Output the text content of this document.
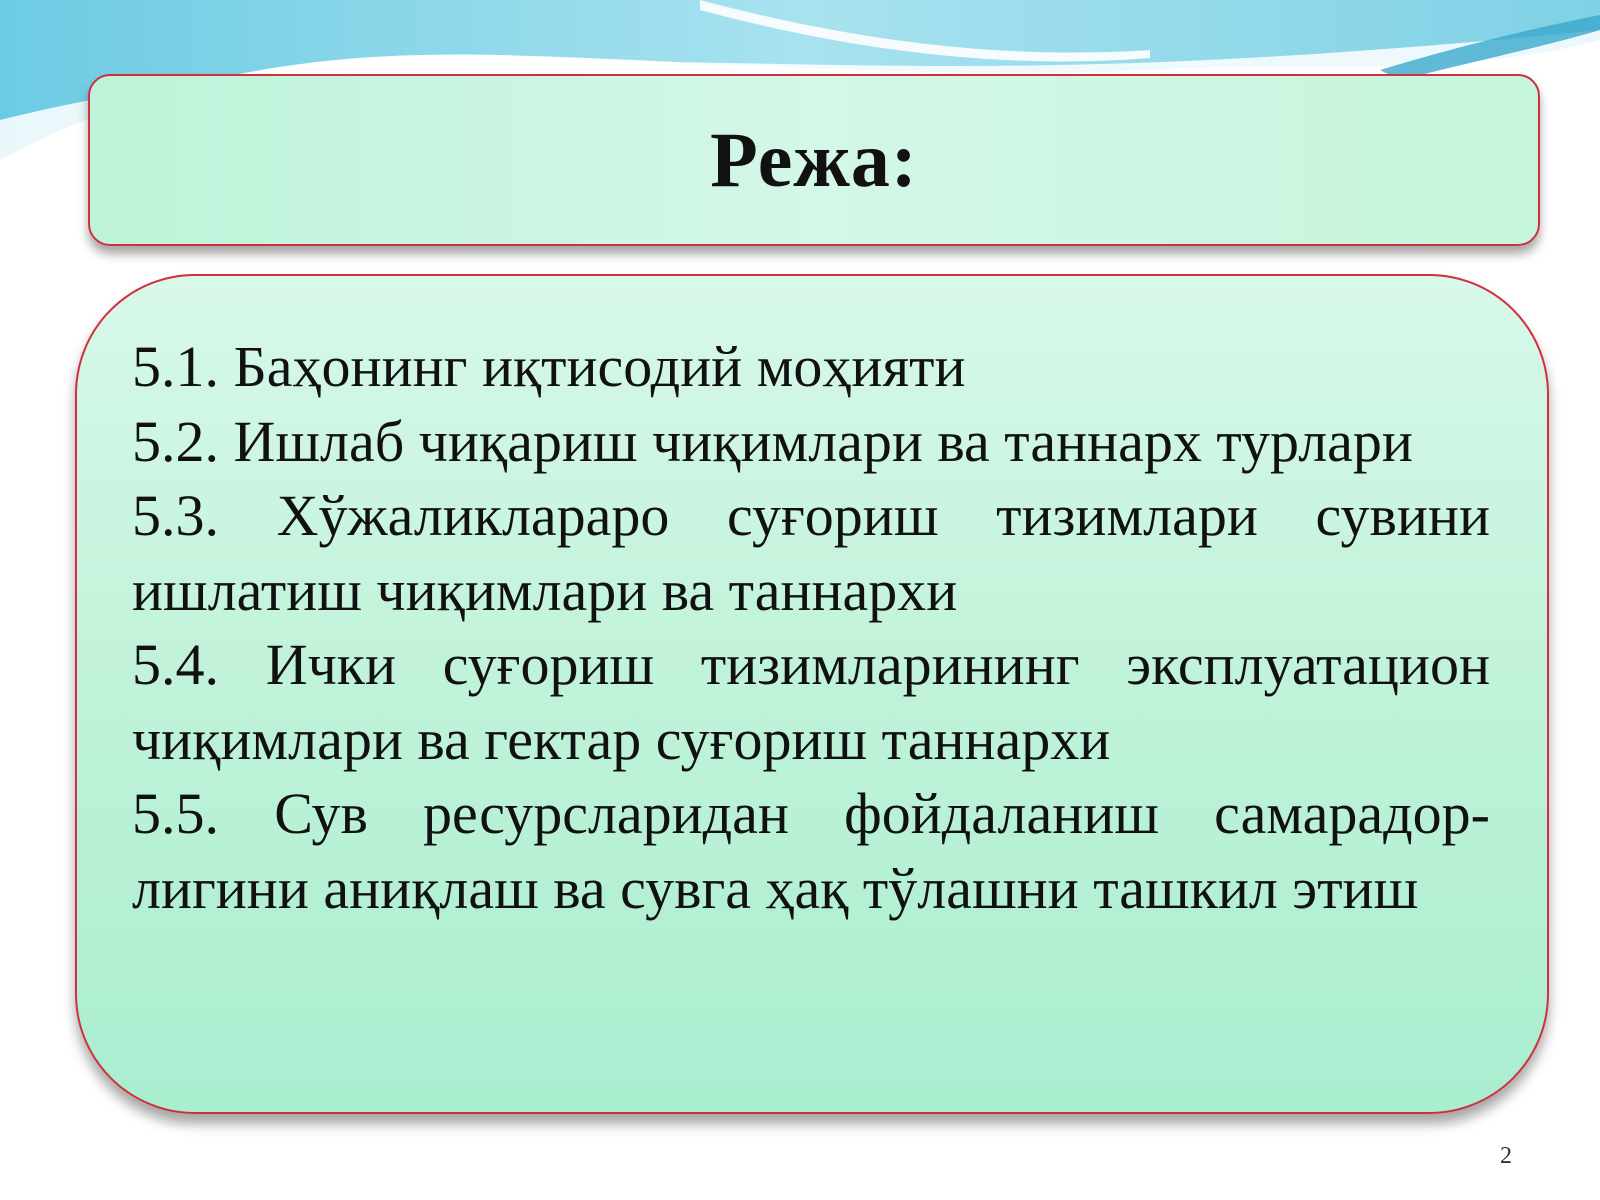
Режа:
5.1. Баҳонинг иқтисодий моҳияти
5.2. Ишлаб чиқариш чиқимлари ва таннарх турлари
5.3. Хўжаликлараро суғориш тизимлари сувини ишлатиш чиқимлари ва таннархи
5.4. Ички суғориш тизимларининг эксплуатацион чиқимлари ва гектар суғориш таннархи
5.5. Сув ресурсларидан фойдаланиш самарадор-лигини аниқлаш ва сувга ҳақ тўлашни ташкил этиш
2
